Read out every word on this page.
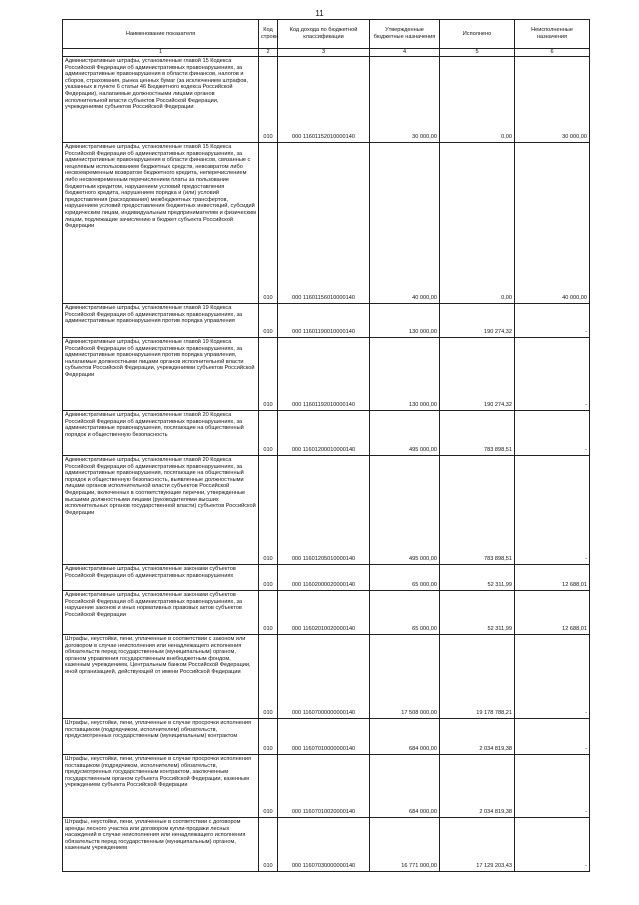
11
Наименование показателя	Код строки	Код дохода по бюджетной классификации	Утвержденные бюджетные назначения	Исполнено	Неисполненные назначения
1	2	3	4	5	6
Административные штрафы, установленные главой 15 Кодекса Российской Федерации об административных правонарушениях, за административные правонарушения в области финансов, налогов и сборов, страхования, рынка ценных бумаг (за исключением штрафов, указанных в пункте 6 статьи 46 Бюджетного кодекса Российской Федерации), налагаемые должностными лицами органов исполнительной власти субъектов Российской Федерации, учреждениями субъектов Российской Федерации	010	000 11601152010000140	30 000,00	0,00	30 000,00
Административные штрафы, установленные главой 15 Кодекса Российской Федерации об административных правонарушениях, за административные правонарушения в области финансов, связанные с нецелевым использованием бюджетных средств, невозвратом либо несвоевременным возвратом бюджетного кредита, неперечислением либо несвоевременным перечислением платы за пользование бюджетным кредитом, нарушением условий предоставления бюджетного кредита, нарушением порядка и (или) условий предоставления (расходования) межбюджетных трансфертов, нарушением условий предоставления бюджетных инвестиций, субсидий юридическим лицам, индивидуальным предпринимателям и физическим лицам, подлежащие зачислению в бюджет субъекта Российской Федерации	010	000 11601156010000140	40 000,00	0,00	40 000,00
Административные штрафы, установленные главой 19 Кодекса Российской Федерации об административных правонарушениях, за административные правонарушения против порядка управления	010	000 11601190010000140	130 000,00	190 274,32	-
Административные штрафы, установленные главой 19 Кодекса Российской Федерации об административных правонарушениях, за административные правонарушения против порядка управления, налагаемые должностными лицами органов исполнительной власти субъектов Российской Федерации, учреждениями субъектов Российской Федерации	010	000 11601192010000140	130 000,00	190 274,32	-
Административные штрафы, установленные главой 20 Кодекса Российской Федерации об административных правонарушениях, за административные правонарушения, посягающие на общественный порядок и общественную безопасность	010	000 11601200010000140	495 000,00	783 898,51	-
Административные штрафы, установленные главой 20 Кодекса Российской Федерации об административных правонарушениях, за административные правонарушения, посягающие на общественный порядок и общественную безопасность, выявленные должностными лицами органов исполнительной власти субъектов Российской Федерации, включенных в соответствующие перечни, утвержденные высшими должностными лицами (руководителями высших исполнительных органов государственной власти) субъектов Российской Федерации	010	000 11601205010000140	495 000,00	783 898,51	-
Административные штрафы, установленные законами субъектов Российской Федерации об административных правонарушениях	010	000 11602000020000140	65 000,00	52 311,99	12 688,01
Административные штрафы, установленные законами субъектов Российской Федерации об административных правонарушениях, за нарушение законов и иных нормативных правовых актов субъектов Российской Федерации	010	000 11602010020000140	65 000,00	52 311,99	12 688,01
Штрафы, неустойки, пени, уплаченные в соответствии с законом или договором в случае неисполнения или ненадлежащего исполнения обязательств перед государственным (муниципальным) органом, органом управления государственным внебюджетным фондом, казенным учреждением, Центральным банком Российской Федерации, иной организацией, действующей от имени Российской Федерации	010	000 11607000000000140	17 508 000,00	19 178 788,21	-
Штрафы, неустойки, пени, уплаченные в случае просрочки исполнения поставщиком (подрядчиком, исполнителем) обязательств, предусмотренных государственным (муниципальным) контрактом	010	000 11607010000000140	684 000,00	2 034 819,38	-
Штрафы, неустойки, пени, уплаченные в случае просрочки исполнения поставщиком (подрядчиком, исполнителем) обязательств, предусмотренных государственным контрактом, заключенным государственным органом субъекта Российской Федерации, казенным учреждением субъекта Российской Федерации	010	000 11607010020000140	684 000,00	2 034 819,38	-
Штрафы, неустойки, пени, уплаченные в соответствии с договором аренды лесного участка или договором купли-продажи лесных насаждений в случае неисполнения или ненадлежащего исполнения обязательств перед государственным (муниципальным) органом, казенным учреждением	010	000 11607030000000140	16 771 000,00	17 129 203,43	-
